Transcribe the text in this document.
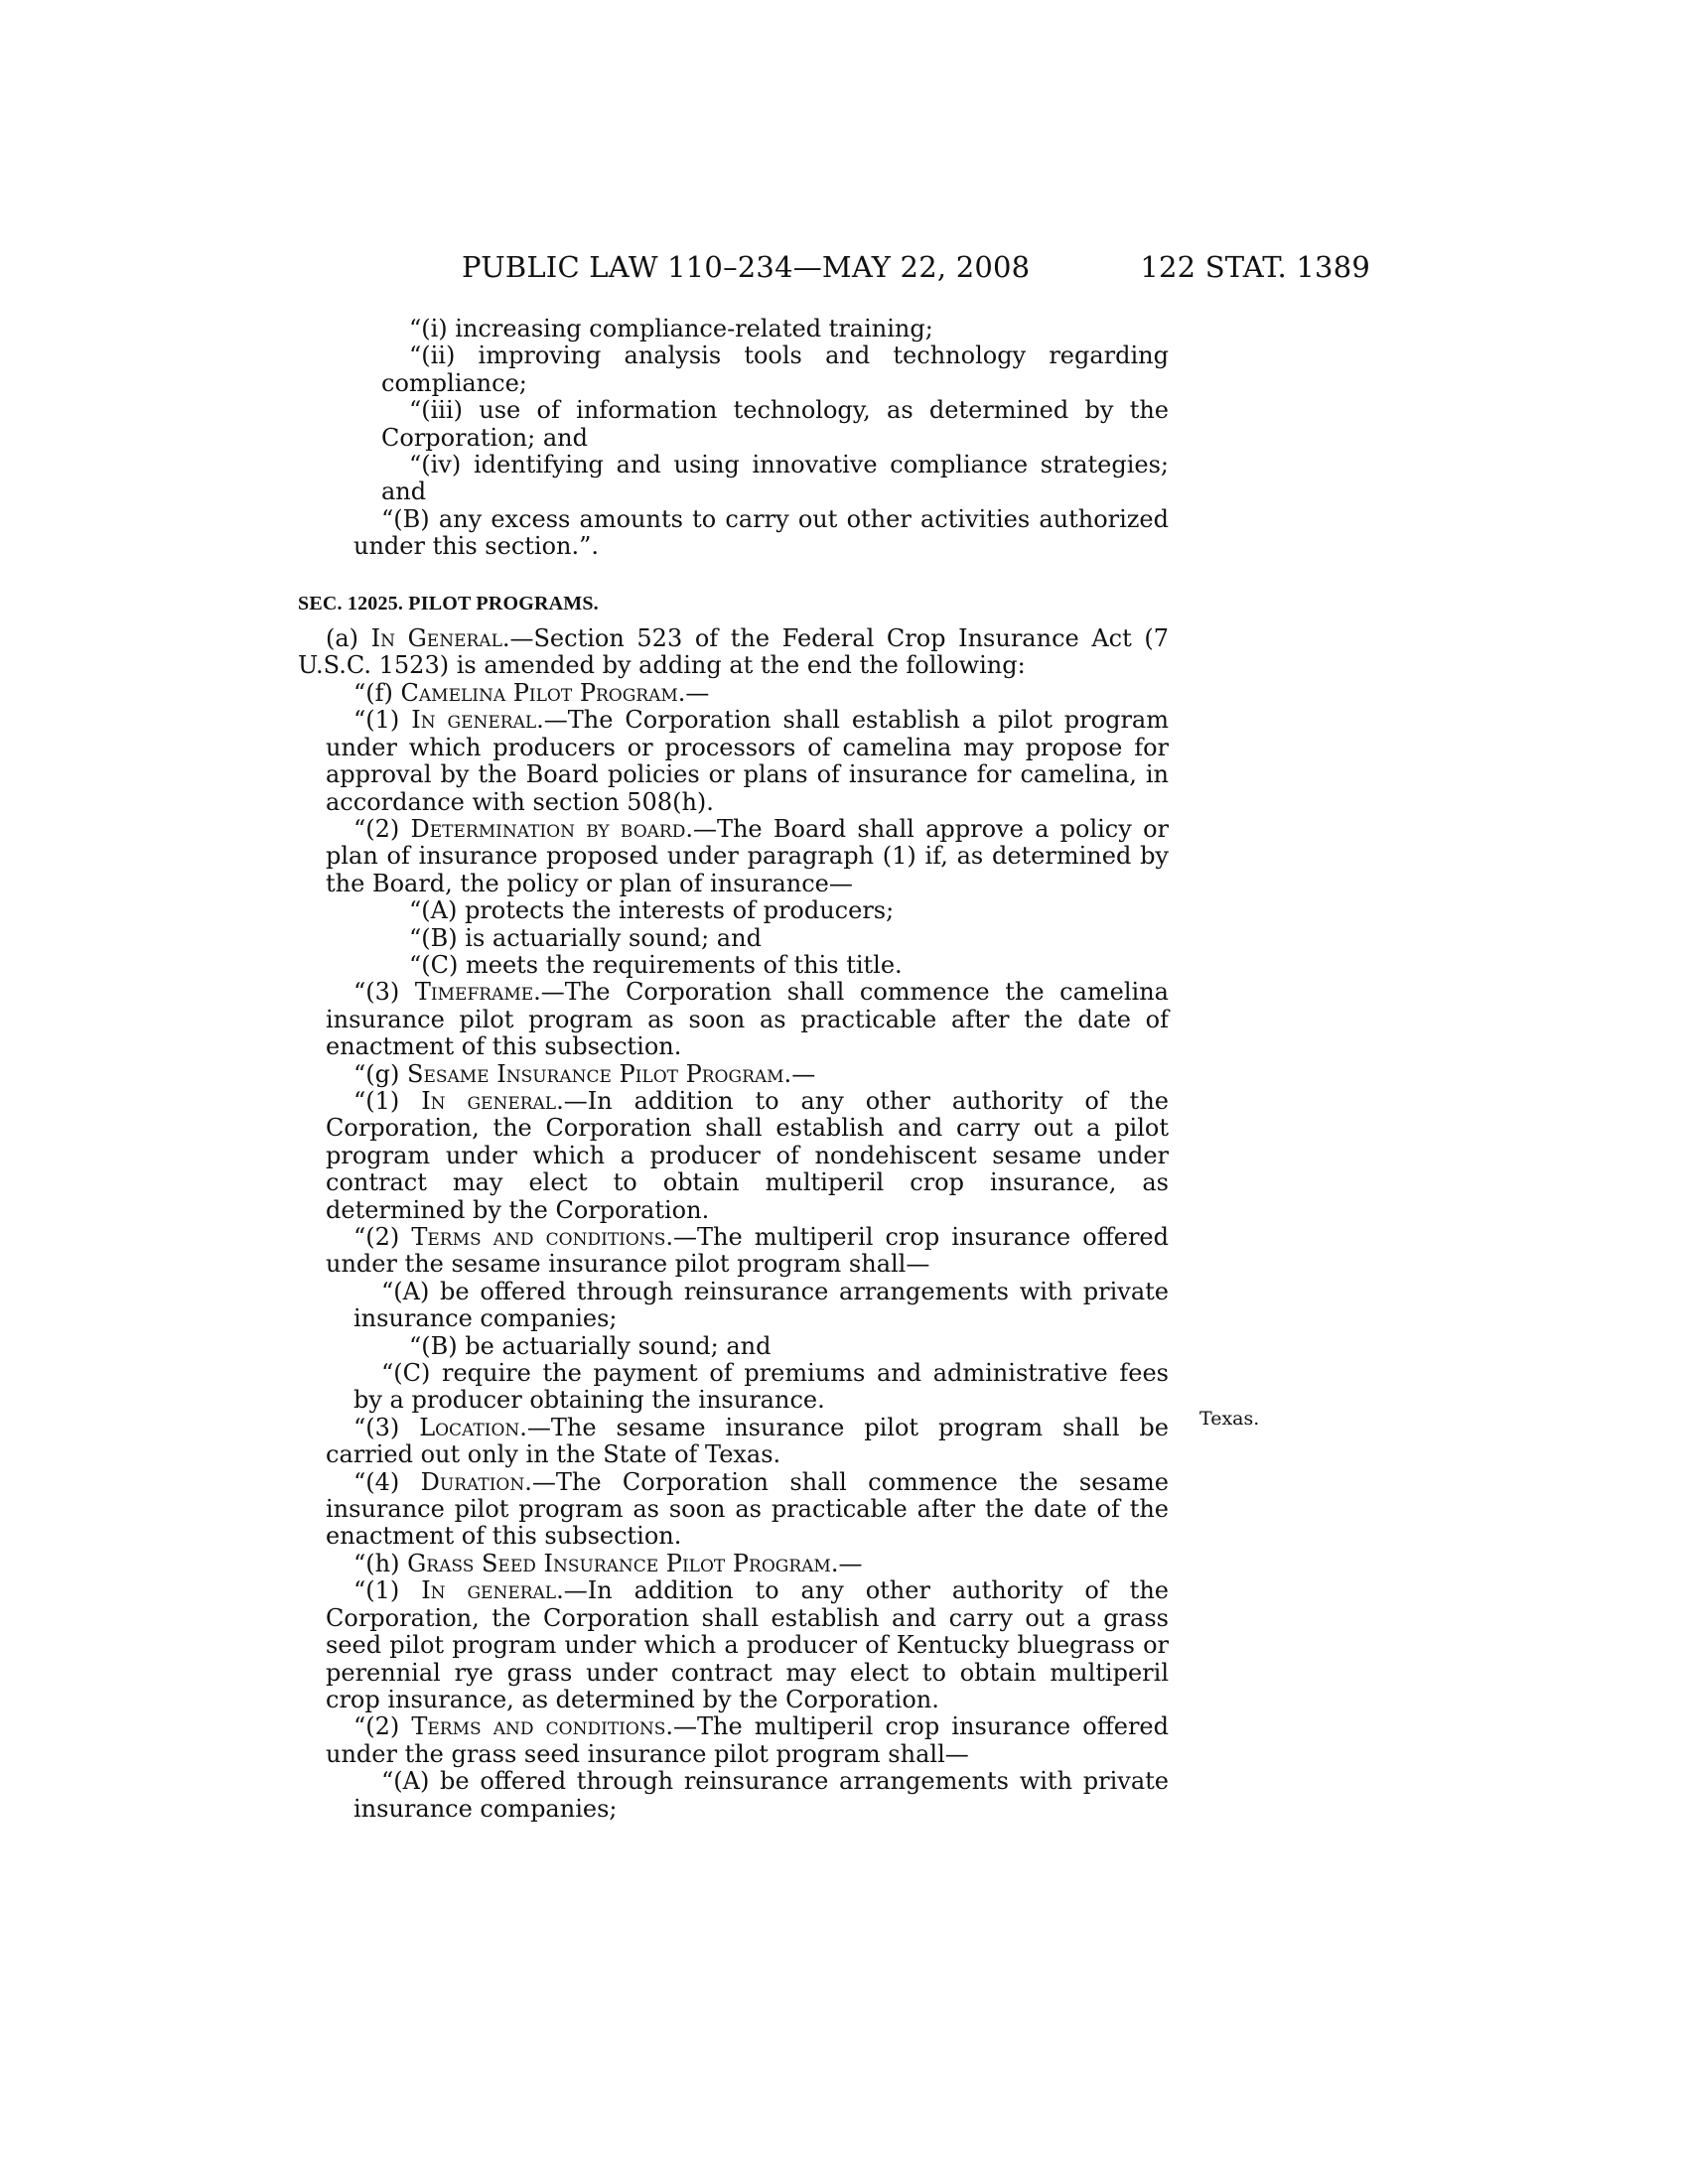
PUBLIC LAW 110–234—MAY 22, 2008	122 STAT. 1389
Texas.

“(i) increasing compliance-related training;

“(ii) improving analysis tools and technology regarding compliance;

“(iii) use of information technology, as determined by the Corporation; and

“(iv) identifying and using innovative compliance strategies; and

“(B) any excess amounts to carry out other activities authorized under this section.”.

SEC. 12025. PILOT PROGRAMS.

(a) In General.—Section 523 of the Federal Crop Insurance Act (7 U.S.C. 1523) is amended by adding at the end the following:

“(f) Camelina Pilot Program.—

“(1) In general.—The Corporation shall establish a pilot program under which producers or processors of camelina may propose for approval by the Board policies or plans of insurance for camelina, in accordance with section 508(h).

“(2) Determination by board.—The Board shall approve a policy or plan of insurance proposed under paragraph (1) if, as determined by the Board, the policy or plan of insurance—

“(A) protects the interests of producers;

“(B) is actuarially sound; and

“(C) meets the requirements of this title.

“(3) Timeframe.—The Corporation shall commence the camelina insurance pilot program as soon as practicable after the date of enactment of this subsection.

“(g) Sesame Insurance Pilot Program.—

“(1) In general.—In addition to any other authority of the Corporation, the Corporation shall establish and carry out a pilot program under which a producer of nondehiscent sesame under contract may elect to obtain multiperil crop insurance, as determined by the Corporation.

“(2) Terms and conditions.—The multiperil crop insurance offered under the sesame insurance pilot program shall—

“(A) be offered through reinsurance arrangements with private insurance companies;

“(B) be actuarially sound; and

“(C) require the payment of premiums and administrative fees by a producer obtaining the insurance.

“(3) Location.—The sesame insurance pilot program shall be carried out only in the State of Texas.

“(4) Duration.—The Corporation shall commence the sesame insurance pilot program as soon as practicable after the date of the enactment of this subsection.

“(h) Grass Seed Insurance Pilot Program.—

“(1) In general.—In addition to any other authority of the Corporation, the Corporation shall establish and carry out a grass seed pilot program under which a producer of Kentucky bluegrass or perennial rye grass under contract may elect to obtain multiperil crop insurance, as determined by the Corporation.

“(2) Terms and conditions.—The multiperil crop insurance offered under the grass seed insurance pilot program shall—

“(A) be offered through reinsurance arrangements with private insurance companies;
